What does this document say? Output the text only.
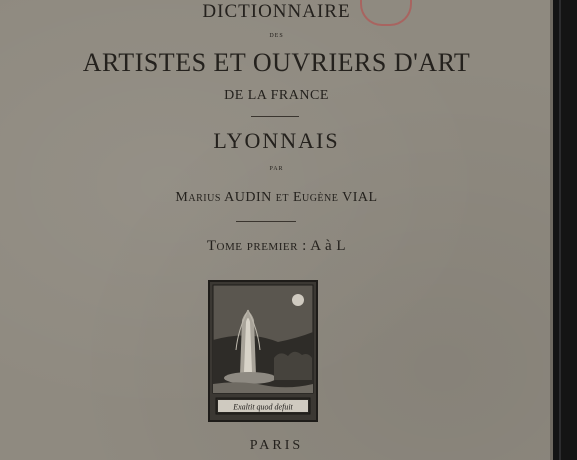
DICTIONNAIRE
DES
ARTISTES ET OUVRIERS D'ART
DE LA FRANCE
LYONNAIS
PAR
Marius AUDIN et Eugène VIAL
Tome premier : A à L
Exaltit quod defuit
PARIS
